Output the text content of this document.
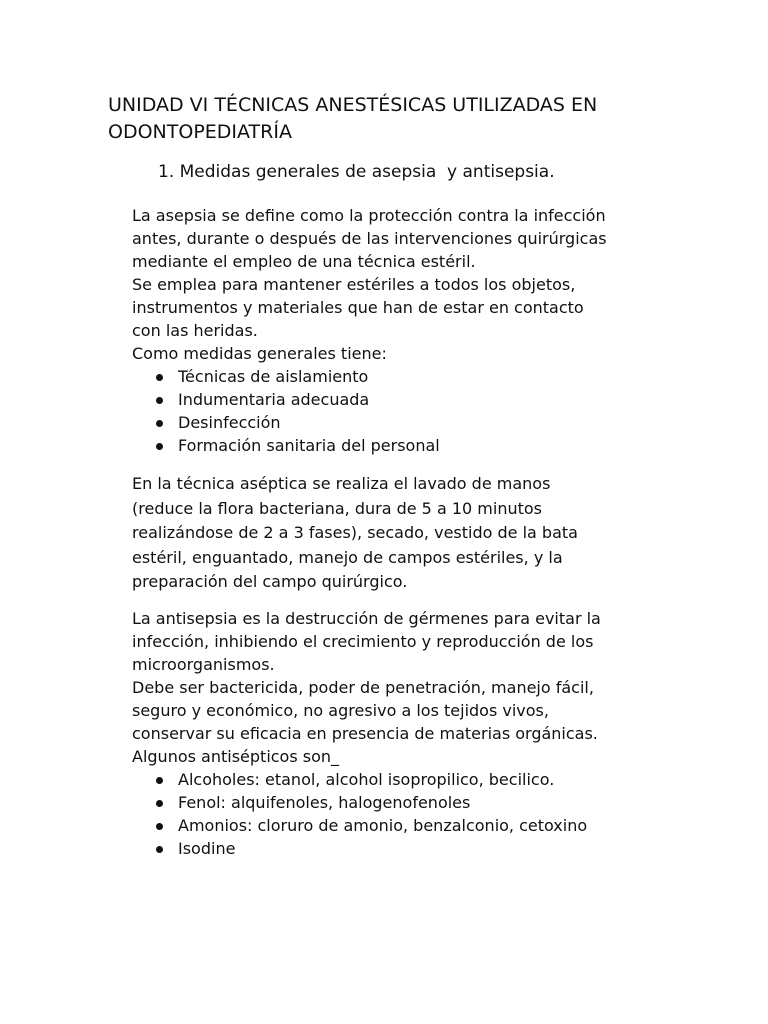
UNIDAD VI TÉCNICAS ANESTÉSICAS UTILIZADAS EN ODONTOPEDIATRÍA
1. Medidas generales de asepsia  y antisepsia.

La asepsia se define como la protección contra la infección

antes, durante o después de las intervenciones quirúrgicas

mediante el empleo de una técnica estéril.

Se emplea para mantener estériles a todos los objetos,

instrumentos y materiales que han de estar en contacto

con las heridas.

Como medidas generales tiene:

Técnicas de aislamiento
Indumentaria adecuada
Desinfección
Formación sanitaria del personal

En la técnica aséptica se realiza el lavado de manos

(reduce la flora bacteriana, dura de 5 a 10 minutos

realizándose de 2 a 3 fases), secado, vestido de la bata

estéril, enguantado, manejo de campos estériles, y la

preparación del campo quirúrgico.

La antisepsia es la destrucción de gérmenes para evitar la

infección, inhibiendo el crecimiento y reproducción de los

microorganismos.

Debe ser bactericida, poder de penetración, manejo fácil,

seguro y económico, no agresivo a los tejidos vivos,

conservar su eficacia en presencia de materias orgánicas.

Algunos antisépticos son_

Alcoholes: etanol, alcohol isopropilico, becilico.
Fenol: alquifenoles, halogenofenoles
Amonios: cloruro de amonio, benzalconio, cetoxino
Isodine
